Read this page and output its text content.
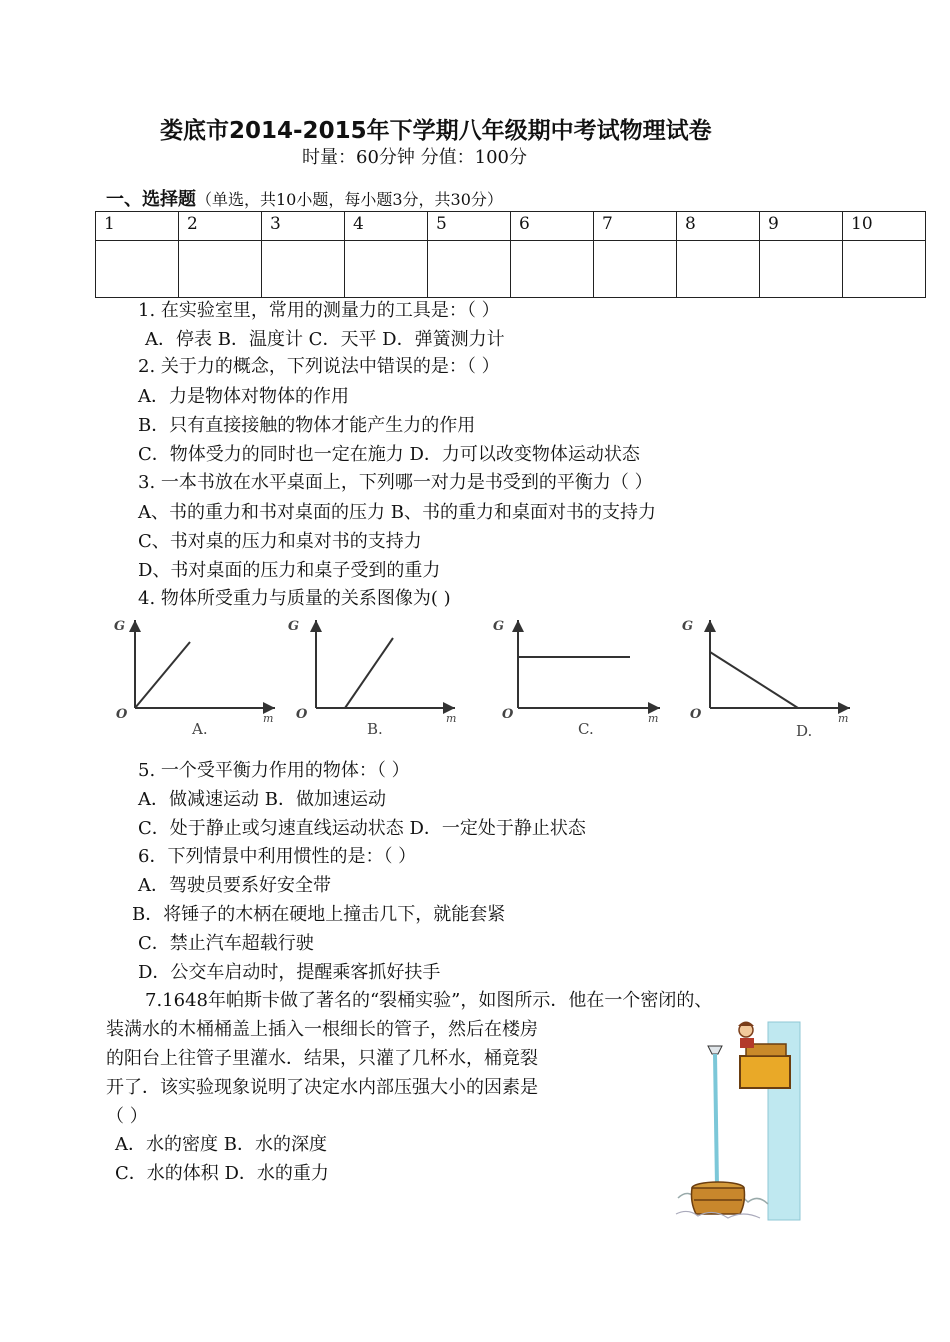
娄底市2014-2015年下学期八年级期中考试物理试卷
时量：60分钟 分值：100分
一、选择题（单选，共10小题，每小题3分，共30分）
1	2	3	4	5	6	7	8	9	10

1. 在实验室里，常用的测量力的工具是：（ ）
A．停表 B．温度计 C．天平 D．弹簧测力计
2. 关于力的概念，下列说法中错误的是：（ ）
A．力是物体对物体的作用
B．只有直接接触的物体才能产生力的作用
C．物体受力的同时也一定在施力 D．力可以改变物体运动状态
3. 一本书放在水平桌面上，下列哪一对力是书受到的平衡力（ ）
A、书的重力和书对桌面的压力 B、书的重力和桌面对书的支持力
C、书对桌的压力和桌对书的支持力
D、书对桌面的压力和桌子受到的重力
4. 物体所受重力与质量的关系图像为( )
G
O	m
A.
G
O	m
B.
G
O	m
C.
G
O	m
D.
5. 一个受平衡力作用的物体：（ ）
A．做减速运动 B．做加速运动
C．处于静止或匀速直线运动状态 D．一定处于静止状态
6．下列情景中利用惯性的是：（ ）
A．驾驶员要系好安全带
B．将锤子的木柄在硬地上撞击几下，就能套紧
C．禁止汽车超载行驶
D．公交车启动时，提醒乘客抓好扶手
7.1648年帕斯卡做了著名的“裂桶实验”，如图所示．他在一个密闭的、
装满水的木桶桶盖上插入一根细长的管子，然后在楼房
的阳台上往管子里灌水．结果，只灌了几杯水，桶竟裂
开了．该实验现象说明了决定水内部压强大小的因素是
（ ）
A．水的密度 B．水的深度
C．水的体积 D．水的重力
